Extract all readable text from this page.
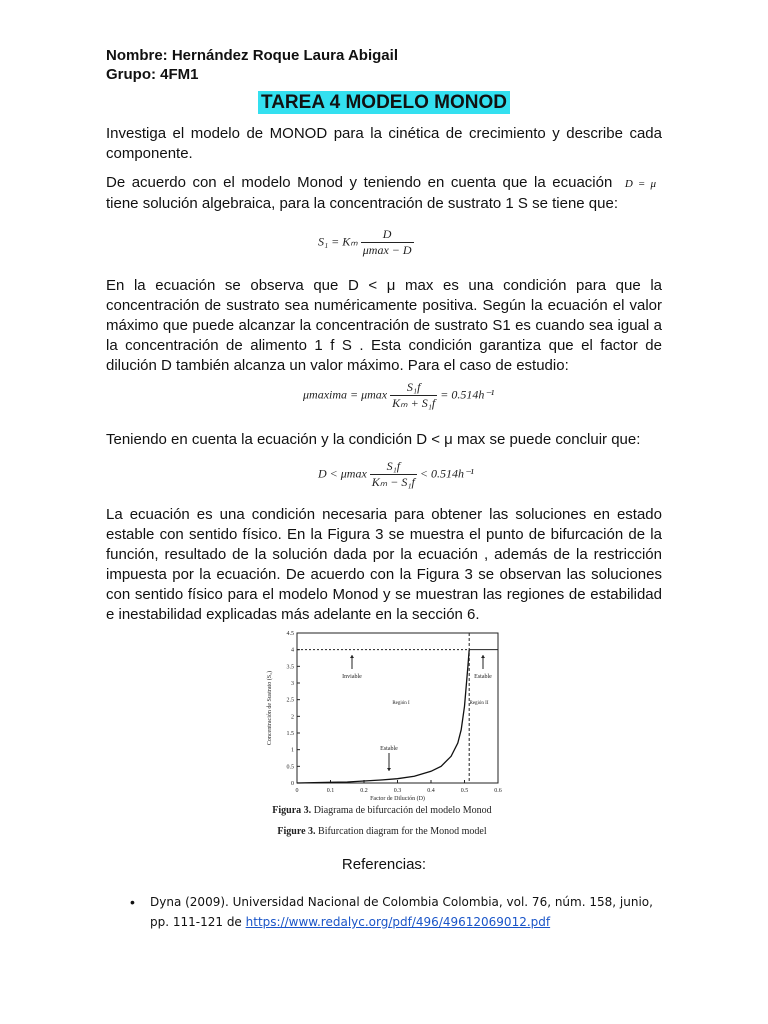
Nombre: Hernández Roque Laura Abigail
Grupo: 4FM1
TAREA 4 MODELO MONOD
Investiga el modelo de MONOD para la cinética de crecimiento y describe cada componente.
De acuerdo con el modelo Monod y teniendo en cuenta que la ecuación D = μ tiene solución algebraica, para la concentración de sustrato 1 S se tiene que:
S₁ = Kₘ $\frac{D}{\mu\max - D}$
En la ecuación se observa que D < μ max es una condición para que la concentración de sustrato sea numéricamente positiva. Según la ecuación el valor máximo que puede alcanzar la concentración de sustrato S1 es cuando sea igual a la concentración de alimento 1 f S . Esta condición garantiza que el factor de dilución D también alcanza un valor máximo. Para el caso de estudio:
μmaxima = μmax $\frac{\text{S₁f}}{\text{Kₘ + S₁f}} = 0.514h^{-1}$
Teniendo en cuenta la ecuación y la condición D < μ max se puede concluir que:
D < μmax $\frac{\text{S₁f}}{\text{Kₘ − S₁f}} < 0.514h^{-1}$
La ecuación es una condición necesaria para obtener las soluciones en estado estable con sentido físico. En la Figura 3 se muestra el punto de bifurcación de la función, resultado de la solución dada por la ecuación , además de la restricción impuesta por la ecuación. De acuerdo con la Figura 3 se observan las soluciones con sentido físico para el modelo Monod y se muestran las regiones de estabilidad e inestabilidad explicadas más adelante en la sección 6.
0	0.1	0.2	0.3	0.4	0.5	0.6
0
0.5
1
1.5
2
2.5
3
3.5
4
4.5
Inviable	Estable
Región I	Región II
Estable
Factor de Dilución (D)
Concentración de Sustrato (S₁)
Figura 3. Diagrama de bifurcación del modelo Monod
Figure 3. Bifurcation diagram for the Monod model
Referencias:
• Dyna (2009). Universidad Nacional de Colombia Colombia, vol. 76, núm. 158, junio, pp. 111-121 de https://www.redalyc.org/pdf/496/49612069012.pdf
